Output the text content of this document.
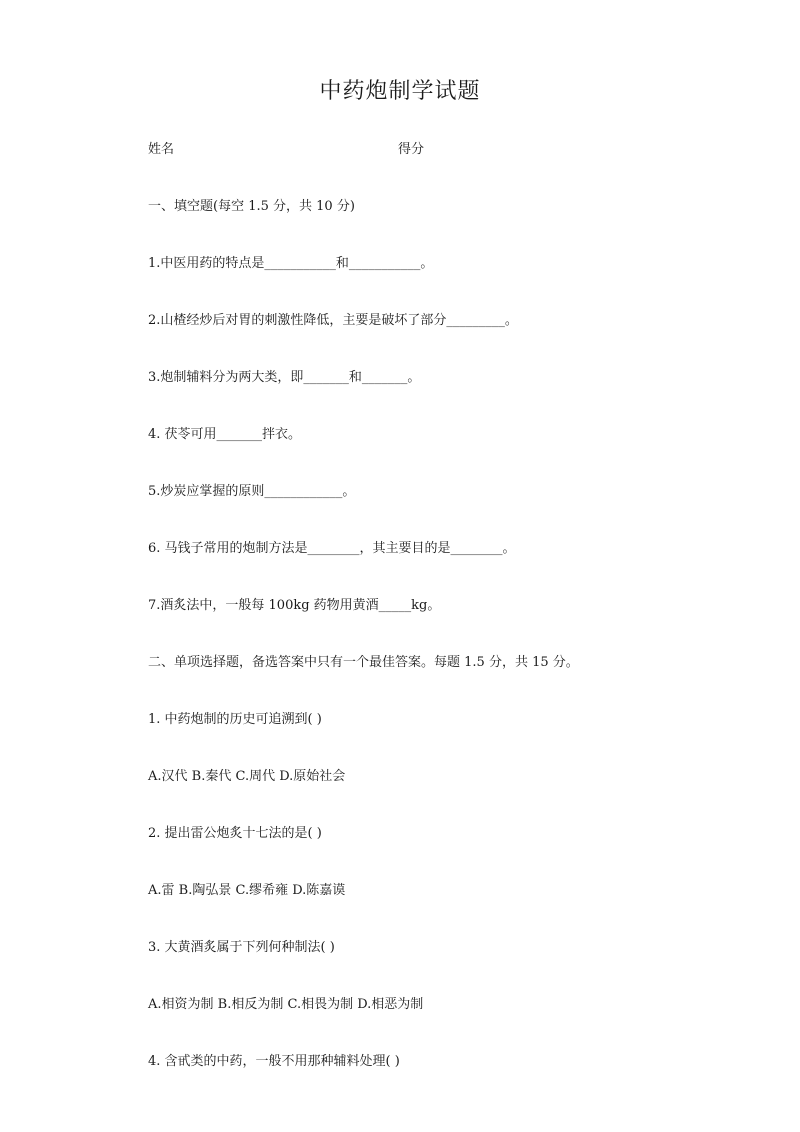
中药炮制学试题
姓名	得分

一、填空题(每空 1.5 分，共 10 分)

1.中医用药的特点是___________和___________。

2.山楂经炒后对胃的刺激性降低，主要是破坏了部分_________。

3.炮制辅料分为两大类，即_______和_______。

4. 茯苓可用_______拌衣。

5.炒炭应掌握的原则____________。

6. 马钱子常用的炮制方法是________，其主要目的是________。

7.酒炙法中，一般每 100kg 药物用黄酒_____kg。

二、单项选择题，备选答案中只有一个最佳答案。每题 1.5 分，共 15 分。

1. 中药炮制的历史可追溯到( )

A.汉代 B.秦代 C.周代 D.原始社会

2. 提出雷公炮炙十七法的是( )

A.雷 B.陶弘景 C.缪希雍 D.陈嘉谟

3. 大黄酒炙属于下列何种制法( )

A.相资为制 B.相反为制 C.相畏为制 D.相恶为制

4. 含甙类的中药，一般不用那种辅料处理( )
